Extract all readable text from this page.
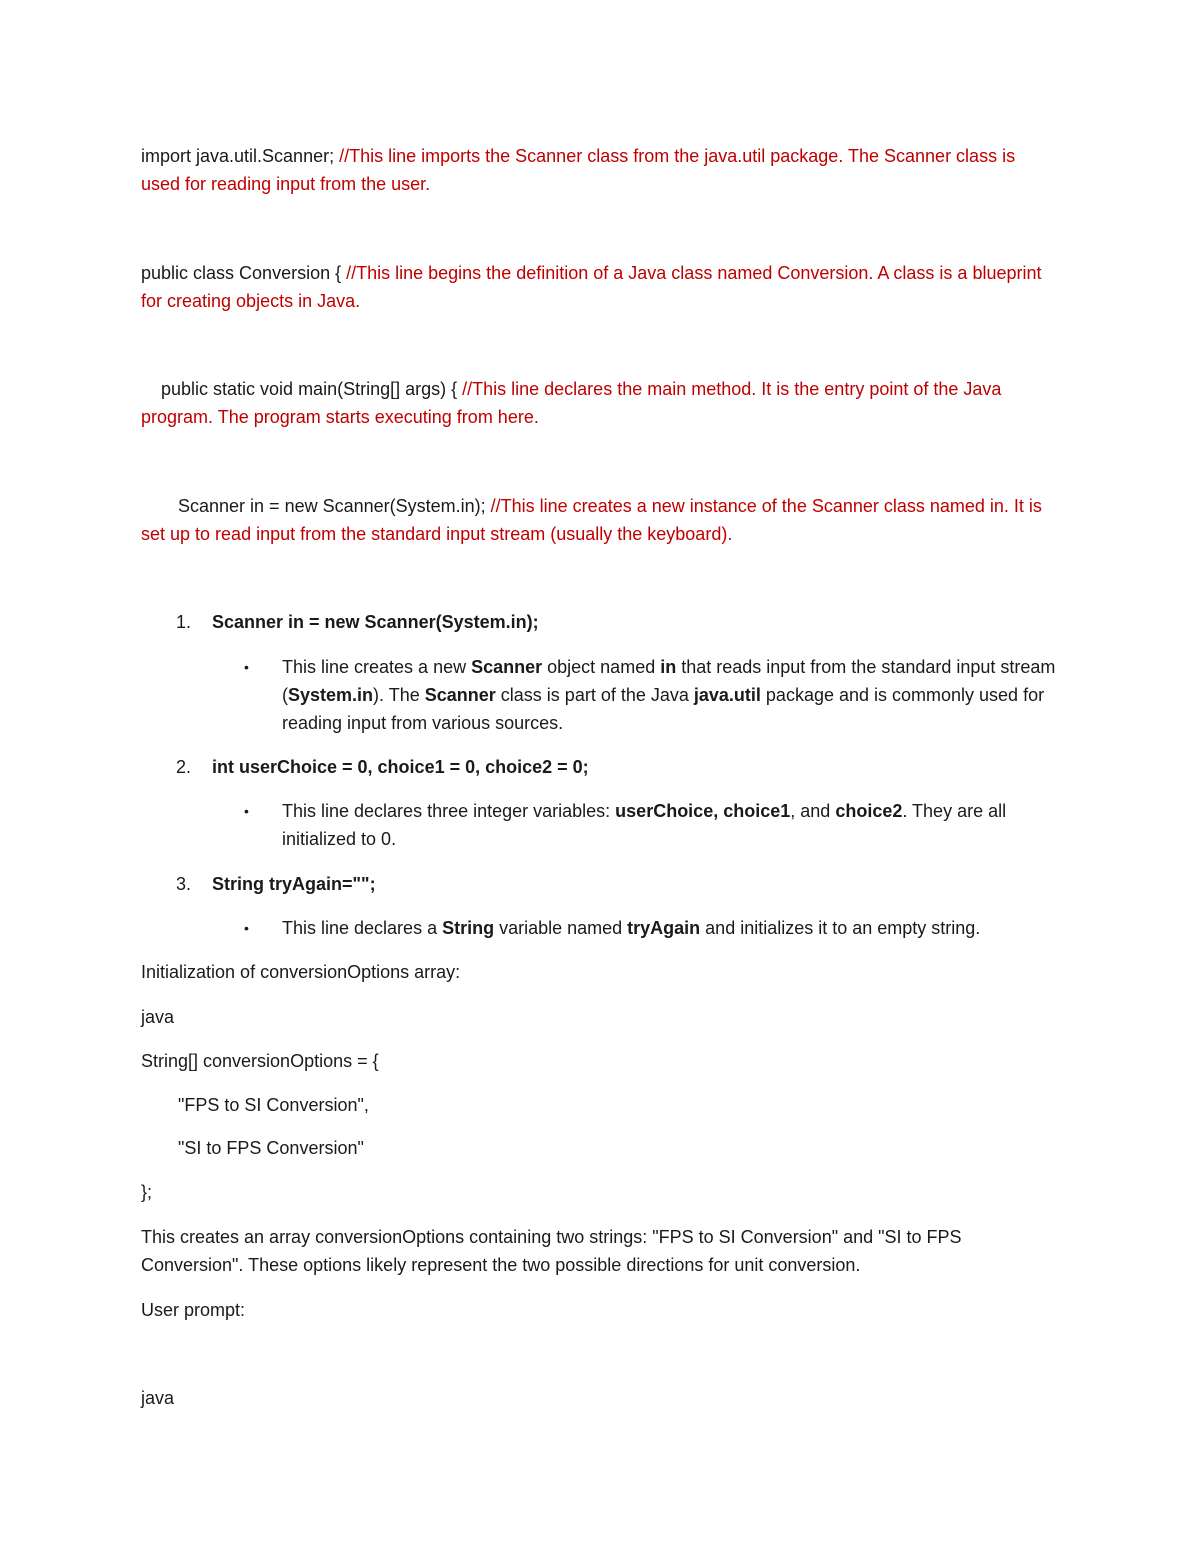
import java.util.Scanner; //This line imports the Scanner class from the java.util package. The Scanner class is used for reading input from the user.

public class Conversion { //This line begins the definition of a Java class named Conversion. A class is a blueprint for creating objects in Java.

public static void main(String[] args) { //This line declares the main method. It is the entry point of the Java program. The program starts executing from here.

Scanner in = new Scanner(System.in); //This line creates a new instance of the Scanner class named in. It is set up to read input from the standard input stream (usually the keyboard).

1. Scanner in = new Scanner(System.in);
• This line creates a new Scanner object named in that reads input from the standard input stream (System.in). The Scanner class is part of the Java java.util package and is commonly used for reading input from various sources.
2. int userChoice = 0, choice1 = 0, choice2 = 0;
• This line declares three integer variables: userChoice, choice1, and choice2. They are all initialized to 0.
3. String tryAgain="";
• This line declares a String variable named tryAgain and initializes it to an empty string.

Initialization of conversionOptions array:

java

String[] conversionOptions = {

"FPS to SI Conversion",

"SI to FPS Conversion"

};

This creates an array conversionOptions containing two strings: "FPS to SI Conversion" and "SI to FPS Conversion". These options likely represent the two possible directions for unit conversion.

User prompt:

java
